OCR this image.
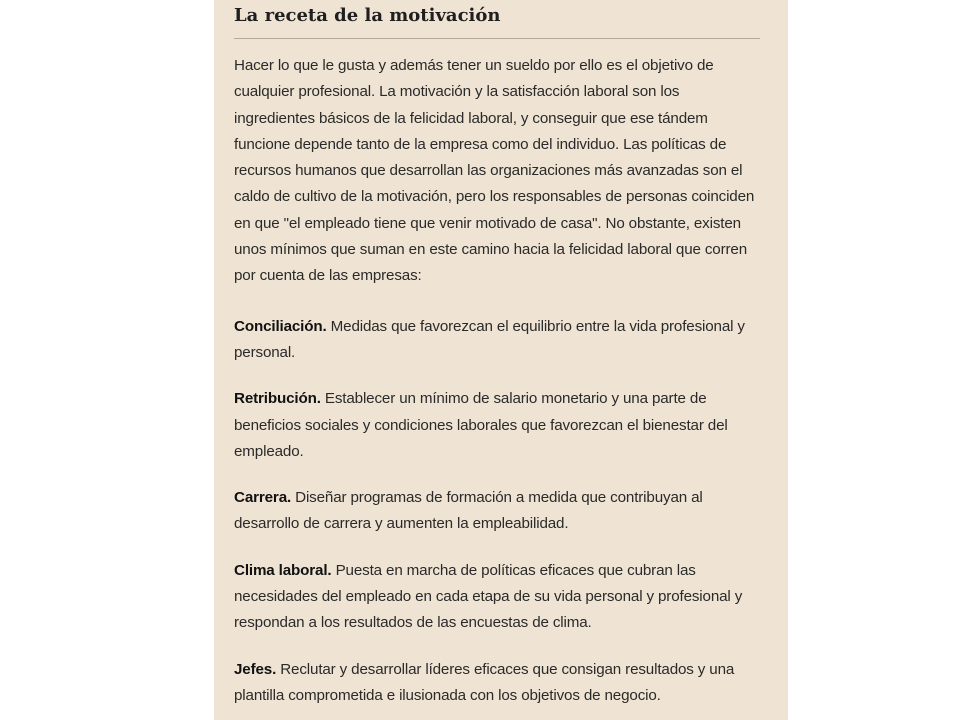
La receta de la motivación

Hacer lo que le gusta y además tener un sueldo por ello es el objetivo de cualquier profesional. La motivación y la satisfacción laboral son los ingredientes básicos de la felicidad laboral, y conseguir que ese tándem funcione depende tanto de la empresa como del individuo. Las políticas de recursos humanos que desarrollan las organizaciones más avanzadas son el caldo de cultivo de la motivación, pero los responsables de personas coinciden en que "el empleado tiene que venir motivado de casa". No obstante, existen unos mínimos que suman en este camino hacia la felicidad laboral que corren por cuenta de las empresas:

Conciliación. Medidas que favorezcan el equilibrio entre la vida profesional y personal.

Retribución. Establecer un mínimo de salario monetario y una parte de beneficios sociales y condiciones laborales que favorezcan el bienestar del empleado.

Carrera. Diseñar programas de formación a medida que contribuyan al desarrollo de carrera y aumenten la empleabilidad.

Clima laboral. Puesta en marcha de políticas eficaces que cubran las necesidades del empleado en cada etapa de su vida personal y profesional y respondan a los resultados de las encuestas de clima.

Jefes. Reclutar y desarrollar líderes eficaces que consigan resultados y una plantilla comprometida e ilusionada con los objetivos de negocio.
